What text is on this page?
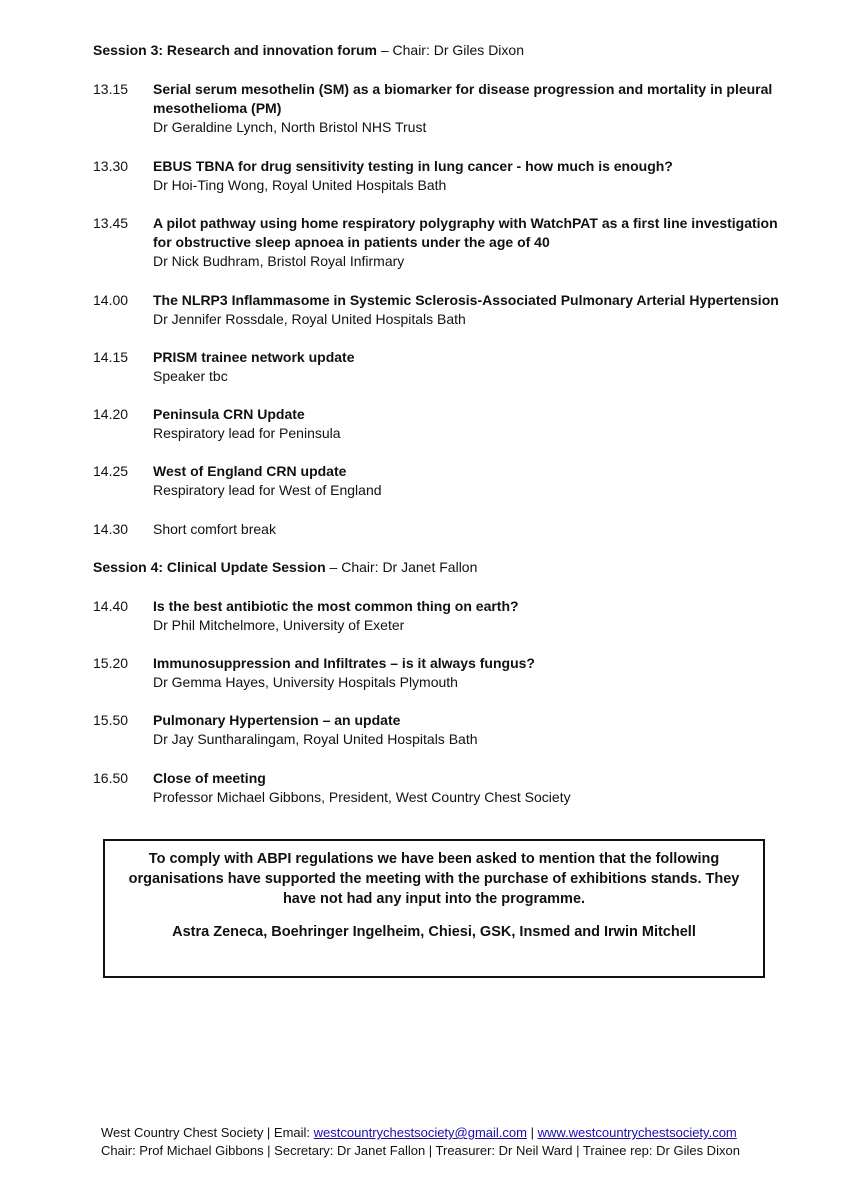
Session 3: Research and innovation forum – Chair: Dr Giles Dixon
13.15	Serial serum mesothelin (SM) as a biomarker for disease progression and mortality in pleural mesothelioma (PM)
Dr Geraldine Lynch, North Bristol NHS Trust
13.30	EBUS TBNA for drug sensitivity testing in lung cancer - how much is enough?
Dr Hoi-Ting Wong, Royal United Hospitals Bath
13.45	A pilot pathway using home respiratory polygraphy with WatchPAT as a first line investigation for obstructive sleep apnoea in patients under the age of 40
Dr Nick Budhram, Bristol Royal Infirmary
14.00	The NLRP3 Inflammasome in Systemic Sclerosis-Associated Pulmonary Arterial Hypertension
Dr Jennifer Rossdale, Royal United Hospitals Bath
14.15	PRISM trainee network update
Speaker tbc
14.20	Peninsula CRN Update
Respiratory lead for Peninsula
14.25	West of England CRN update
Respiratory lead for West of England
14.30	Short comfort break
Session 4: Clinical Update Session – Chair: Dr Janet Fallon
14.40	Is the best antibiotic the most common thing on earth?
Dr Phil Mitchelmore, University of Exeter
15.20	Immunosuppression and Infiltrates – is it always fungus?
Dr Gemma Hayes, University Hospitals Plymouth
15.50	Pulmonary Hypertension – an update
Dr Jay Suntharalingam, Royal United Hospitals Bath
16.50	Close of meeting
Professor Michael Gibbons, President, West Country Chest Society
To comply with ABPI regulations we have been asked to mention that the following organisations have supported the meeting with the purchase of exhibitions stands. They have not had any input into the programme.
Astra Zeneca, Boehringer Ingelheim, Chiesi, GSK, Insmed and Irwin Mitchell
West Country Chest Society | Email: westcountrychestsociety@gmail.com | www.westcountrychestsociety.com
Chair: Prof Michael Gibbons | Secretary: Dr Janet Fallon | Treasurer: Dr Neil Ward | Trainee rep: Dr Giles Dixon
